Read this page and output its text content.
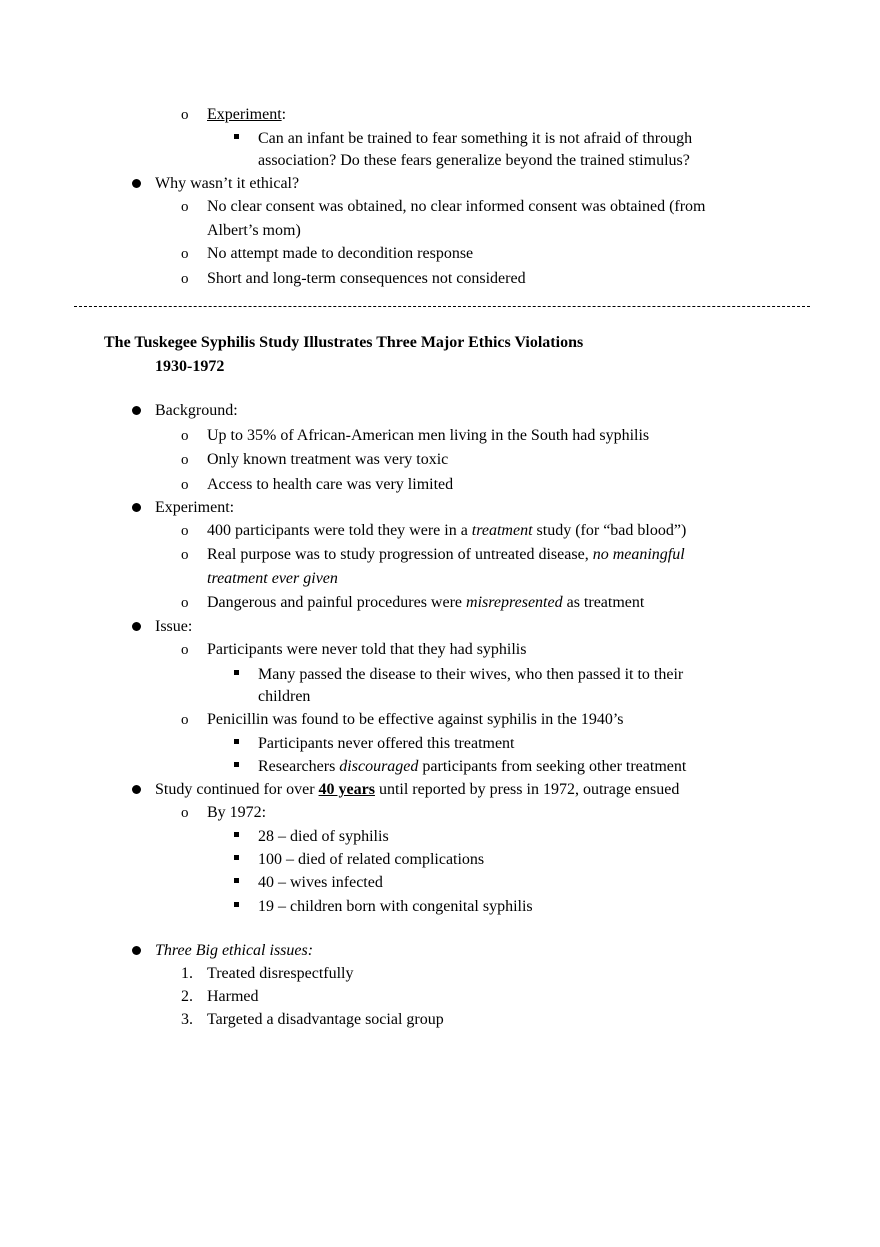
o Experiment:
Can an infant be trained to fear something it is not afraid of through
association? Do these fears generalize beyond the trained stimulus?
Why wasn’t it ethical?
o No clear consent was obtained, no clear informed consent was obtained (from
Albert’s mom)
o No attempt made to decondition response
o Short and long-term consequences not considered
The Tuskegee Syphilis Study Illustrates Three Major Ethics Violations
1930-1972
Background:
o Up to 35% of African-American men living in the South had syphilis
o Only known treatment was very toxic
o Access to health care was very limited
Experiment:
o 400 participants were told they were in a treatment study (for “bad blood”)
o Real purpose was to study progression of untreated disease, no meaningful
treatment ever given
o Dangerous and painful procedures were misrepresented as treatment
Issue:
o Participants were never told that they had syphilis
Many passed the disease to their wives, who then passed it to their
children
o Penicillin was found to be effective against syphilis in the 1940’s
Participants never offered this treatment
Researchers discouraged participants from seeking other treatment
Study continued for over 40 years until reported by press in 1972, outrage ensued
o By 1972:
28 – died of syphilis
100 – died of related complications
40 – wives infected
19 – children born with congenital syphilis
Three Big ethical issues:
1. Treated disrespectfully
2. Harmed
3. Targeted a disadvantage social group
